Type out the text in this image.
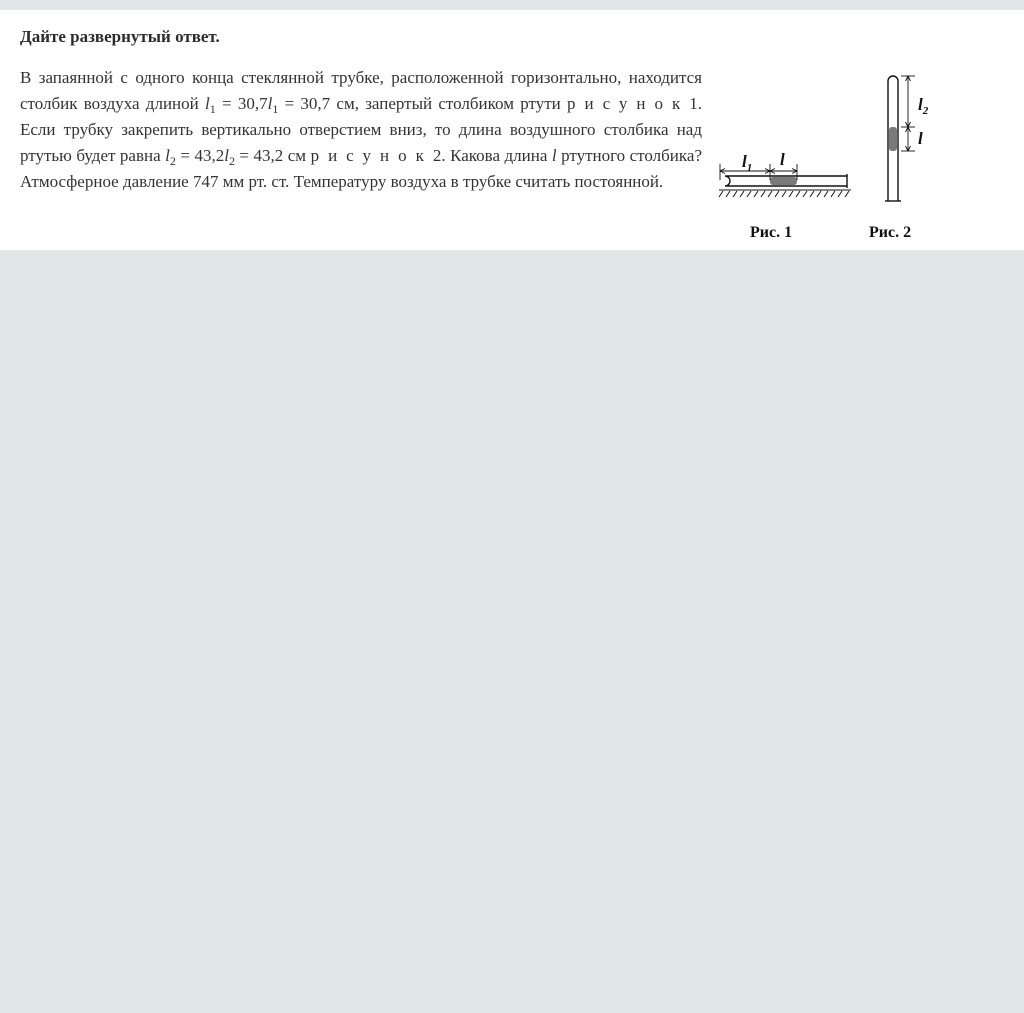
Дайте развернутый ответ.
В запаянной с одного конца стеклянной трубке, расположенной горизонтально, находится столбик воздуха длиной $l_1 = 30,7l_1 = 30,7$ см, запертый столбиком ртути рисунок1. Если трубку закрепить вертикально отверстием вниз, то длина воздушного столбика над ртутью будет равна $l_2 = 43,2l_2 = 43,2$ см рисунок2. Какова длина l ртутного столбика? Атмосферное давление 747 мм рт. ст. Температуру воздуха в трубке считать постоянной.
$l_1$ l
$l_2$
l
Рис. 1	Рис. 2
